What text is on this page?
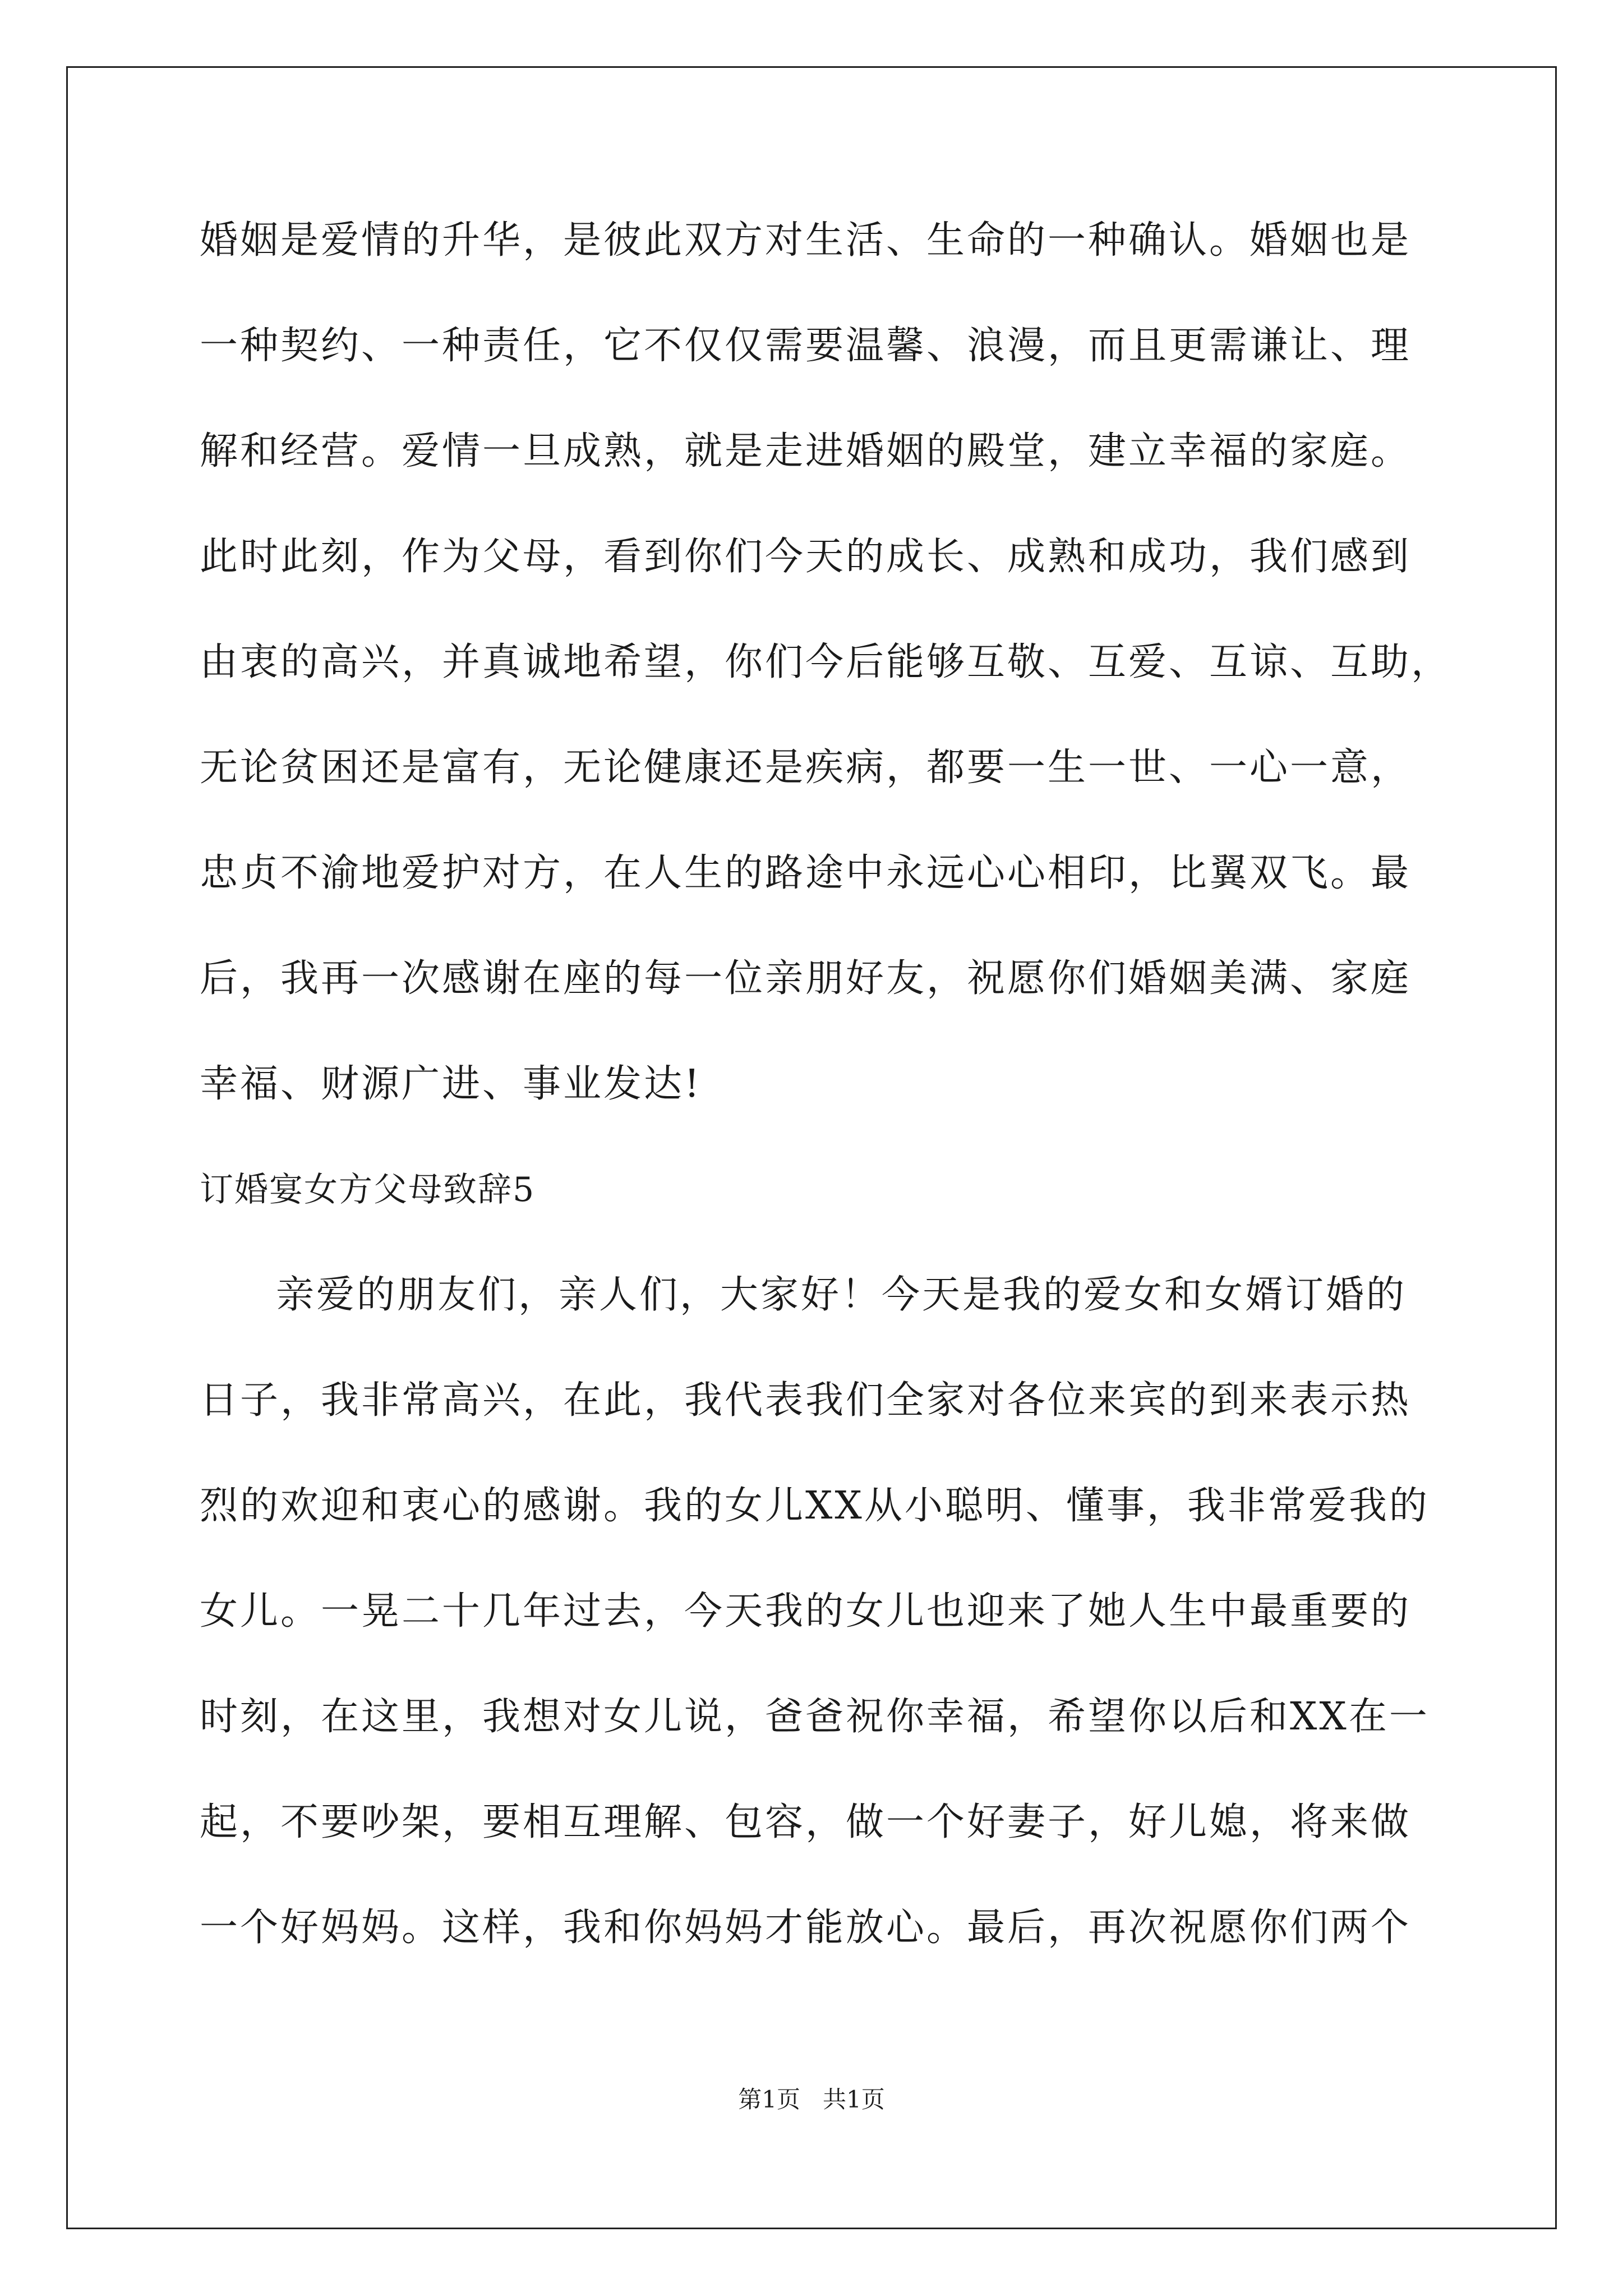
婚姻是爱情的升华，是彼此双方对生活、生命的一种确认。婚姻也是
一种契约、一种责任，它不仅仅需要温馨、浪漫，而且更需谦让、理
解和经营。爱情一旦成熟，就是走进婚姻的殿堂，建立幸福的家庭。
此时此刻，作为父母，看到你们今天的成长、成熟和成功，我们感到
由衷的高兴，并真诚地希望，你们今后能够互敬、互爱、互谅、互助，
无论贫困还是富有，无论健康还是疾病，都要一生一世、一心一意，
忠贞不渝地爱护对方，在人生的路途中永远心心相印，比翼双飞。最
后，我再一次感谢在座的每一位亲朋好友，祝愿你们婚姻美满、家庭
幸福、财源广进、事业发达!
订婚宴女方父母致辞5
亲爱的朋友们，亲人们，大家好！今天是我的爱女和女婿订婚的
日子，我非常高兴，在此，我代表我们全家对各位来宾的到来表示热
烈的欢迎和衷心的感谢。我的女儿XX从小聪明、懂事，我非常爱我的
女儿。一晃二十几年过去，今天我的女儿也迎来了她人生中最重要的
时刻，在这里，我想对女儿说，爸爸祝你幸福，希望你以后和XX在一
起，不要吵架，要相互理解、包容，做一个好妻子，好儿媳，将来做
一个好妈妈。这样，我和你妈妈才能放心。最后，再次祝愿你们两个
第1页   共1页
